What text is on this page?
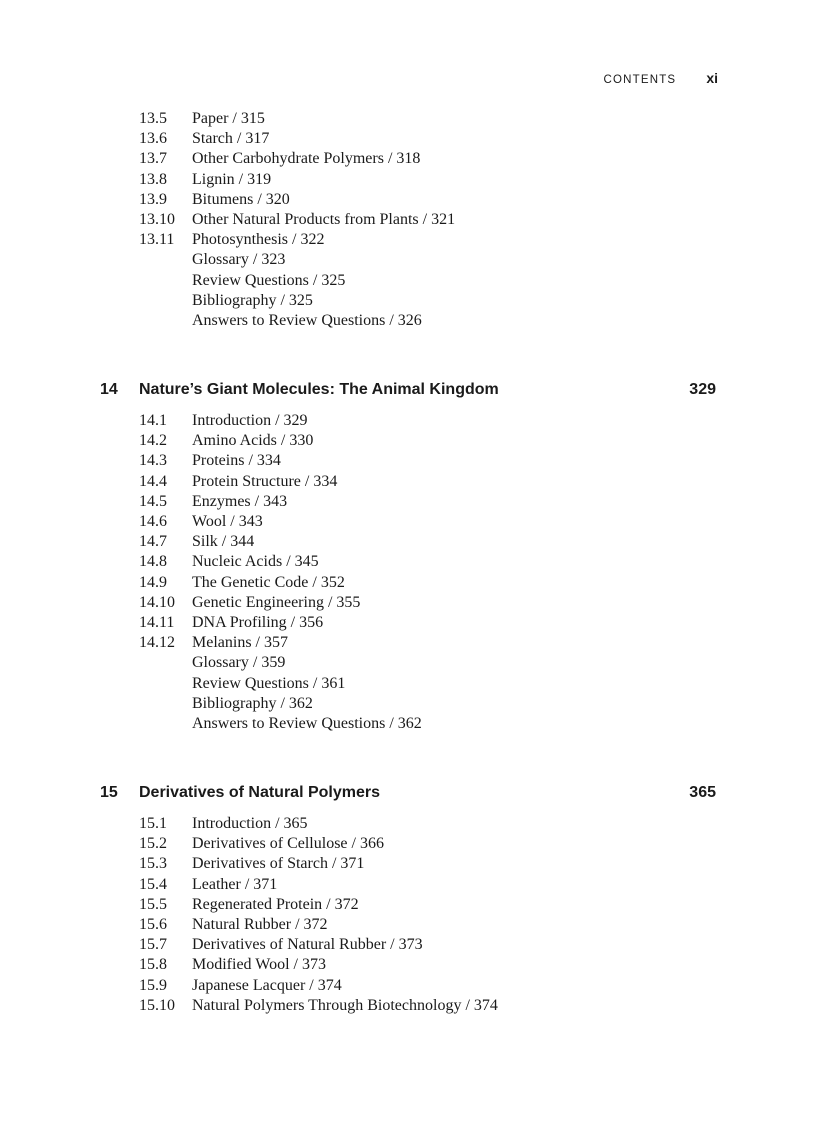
CONTENTS xi
13.5 Paper / 315
13.6 Starch / 317
13.7 Other Carbohydrate Polymers / 318
13.8 Lignin / 319
13.9 Bitumens / 320
13.10 Other Natural Products from Plants / 321
13.11 Photosynthesis / 322
Glossary / 323
Review Questions / 325
Bibliography / 325
Answers to Review Questions / 326
14	Nature’s Giant Molecules: The Animal Kingdom	329
14.1 Introduction / 329
14.2 Amino Acids / 330
14.3 Proteins / 334
14.4 Protein Structure / 334
14.5 Enzymes / 343
14.6 Wool / 343
14.7 Silk / 344
14.8 Nucleic Acids / 345
14.9 The Genetic Code / 352
14.10 Genetic Engineering / 355
14.11 DNA Profiling / 356
14.12 Melanins / 357
Glossary / 359
Review Questions / 361
Bibliography / 362
Answers to Review Questions / 362
15	Derivatives of Natural Polymers	365
15.1 Introduction / 365
15.2 Derivatives of Cellulose / 366
15.3 Derivatives of Starch / 371
15.4 Leather / 371
15.5 Regenerated Protein / 372
15.6 Natural Rubber / 372
15.7 Derivatives of Natural Rubber / 373
15.8 Modified Wool / 373
15.9 Japanese Lacquer / 374
15.10 Natural Polymers Through Biotechnology / 374
